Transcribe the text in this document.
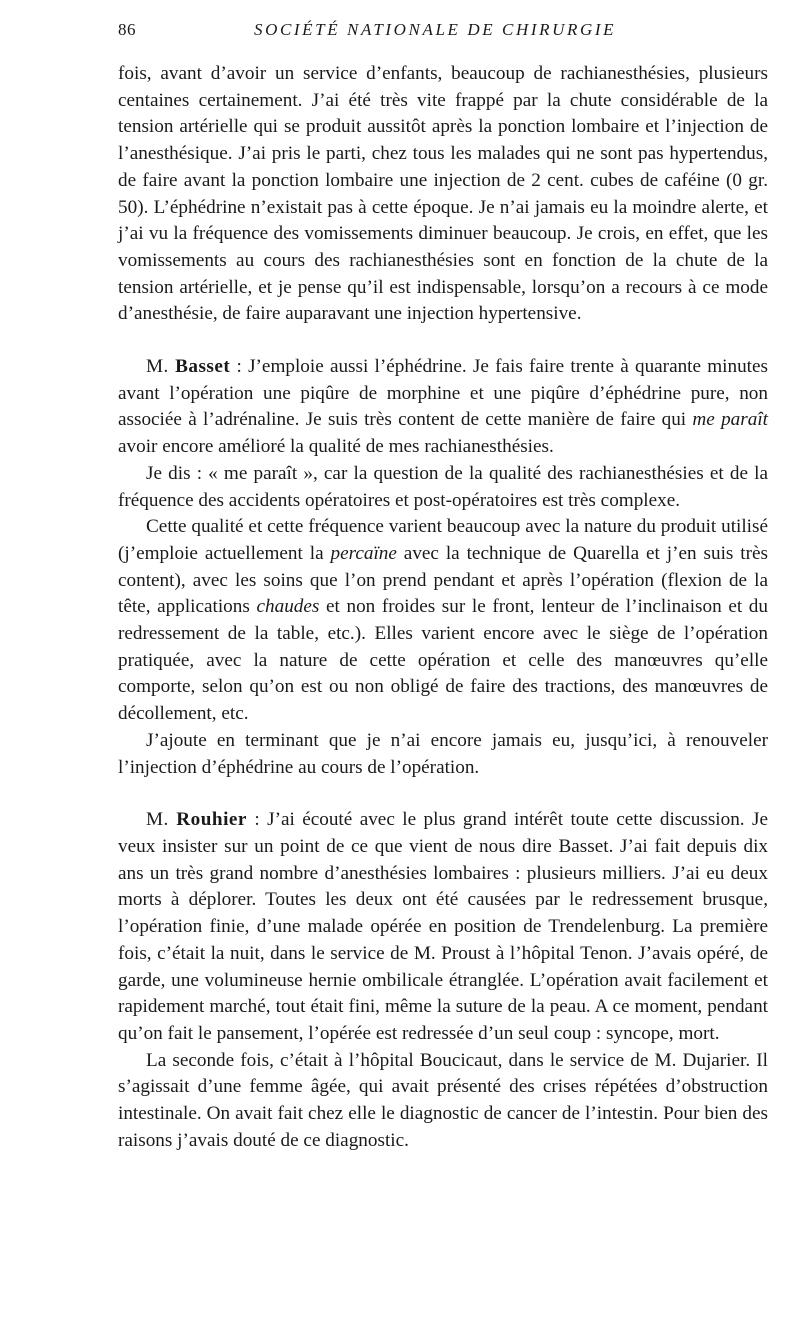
86	SOCIÉTÉ NATIONALE DE CHIRURGIE

fois, avant d’avoir un service d’enfants, beaucoup de rachianesthésies, plusieurs centaines certainement. J’ai été très vite frappé par la chute considérable de la tension artérielle qui se produit aussitôt après la ponction lombaire et l’injection de l’anesthésique. J’ai pris le parti, chez tous les malades qui ne sont pas hypertendus, de faire avant la ponction lombaire une injection de 2 cent. cubes de caféine (0 gr. 50). L’éphédrine n’existait pas à cette époque. Je n’ai jamais eu la moindre alerte, et j’ai vu la fréquence des vomissements diminuer beaucoup. Je crois, en effet, que les vomissements au cours des rachianesthésies sont en fonction de la chute de la tension artérielle, et je pense qu’il est indispensable, lorsqu’on a recours à ce mode d’anesthésie, de faire auparavant une injection hypertensive.

M. Basset : J’emploie aussi l’éphédrine. Je fais faire trente à quarante minutes avant l’opération une piqûre de morphine et une piqûre d’éphédrine pure, non associée à l’adrénaline. Je suis très content de cette manière de faire qui me paraît avoir encore amélioré la qualité de mes rachianesthésies.

Je dis : « me paraît », car la question de la qualité des rachianesthésies et de la fréquence des accidents opératoires et post-opératoires est très complexe.

Cette qualité et cette fréquence varient beaucoup avec la nature du produit utilisé (j’emploie actuellement la percaïne avec la technique de Quarella et j’en suis très content), avec les soins que l’on prend pendant et après l’opération (flexion de la tête, applications chaudes et non froides sur le front, lenteur de l’inclinaison et du redressement de la table, etc.). Elles varient encore avec le siège de l’opération pratiquée, avec la nature de cette opération et celle des manœuvres qu’elle comporte, selon qu’on est ou non obligé de faire des tractions, des manœuvres de décollement, etc.

J’ajoute en terminant que je n’ai encore jamais eu, jusqu’ici, à renouveler l’injection d’éphédrine au cours de l’opération.

M. Rouhier : J’ai écouté avec le plus grand intérêt toute cette discussion. Je veux insister sur un point de ce que vient de nous dire Basset. J’ai fait depuis dix ans un très grand nombre d’anesthésies lombaires : plusieurs milliers. J’ai eu deux morts à déplorer. Toutes les deux ont été causées par le redressement brusque, l’opération finie, d’une malade opérée en position de Trendelenburg. La première fois, c’était la nuit, dans le service de M. Proust à l’hôpital Tenon. J’avais opéré, de garde, une volumineuse hernie ombilicale étranglée. L’opération avait facilement et rapidement marché, tout était fini, même la suture de la peau. A ce moment, pendant qu’on fait le pansement, l’opérée est redressée d’un seul coup : syncope, mort.

La seconde fois, c’était à l’hôpital Boucicaut, dans le service de M. Dujarier. Il s’agissait d’une femme âgée, qui avait présenté des crises répétées d’obstruction intestinale. On avait fait chez elle le diagnostic de cancer de l’intestin. Pour bien des raisons j’avais douté de ce diagnostic.
